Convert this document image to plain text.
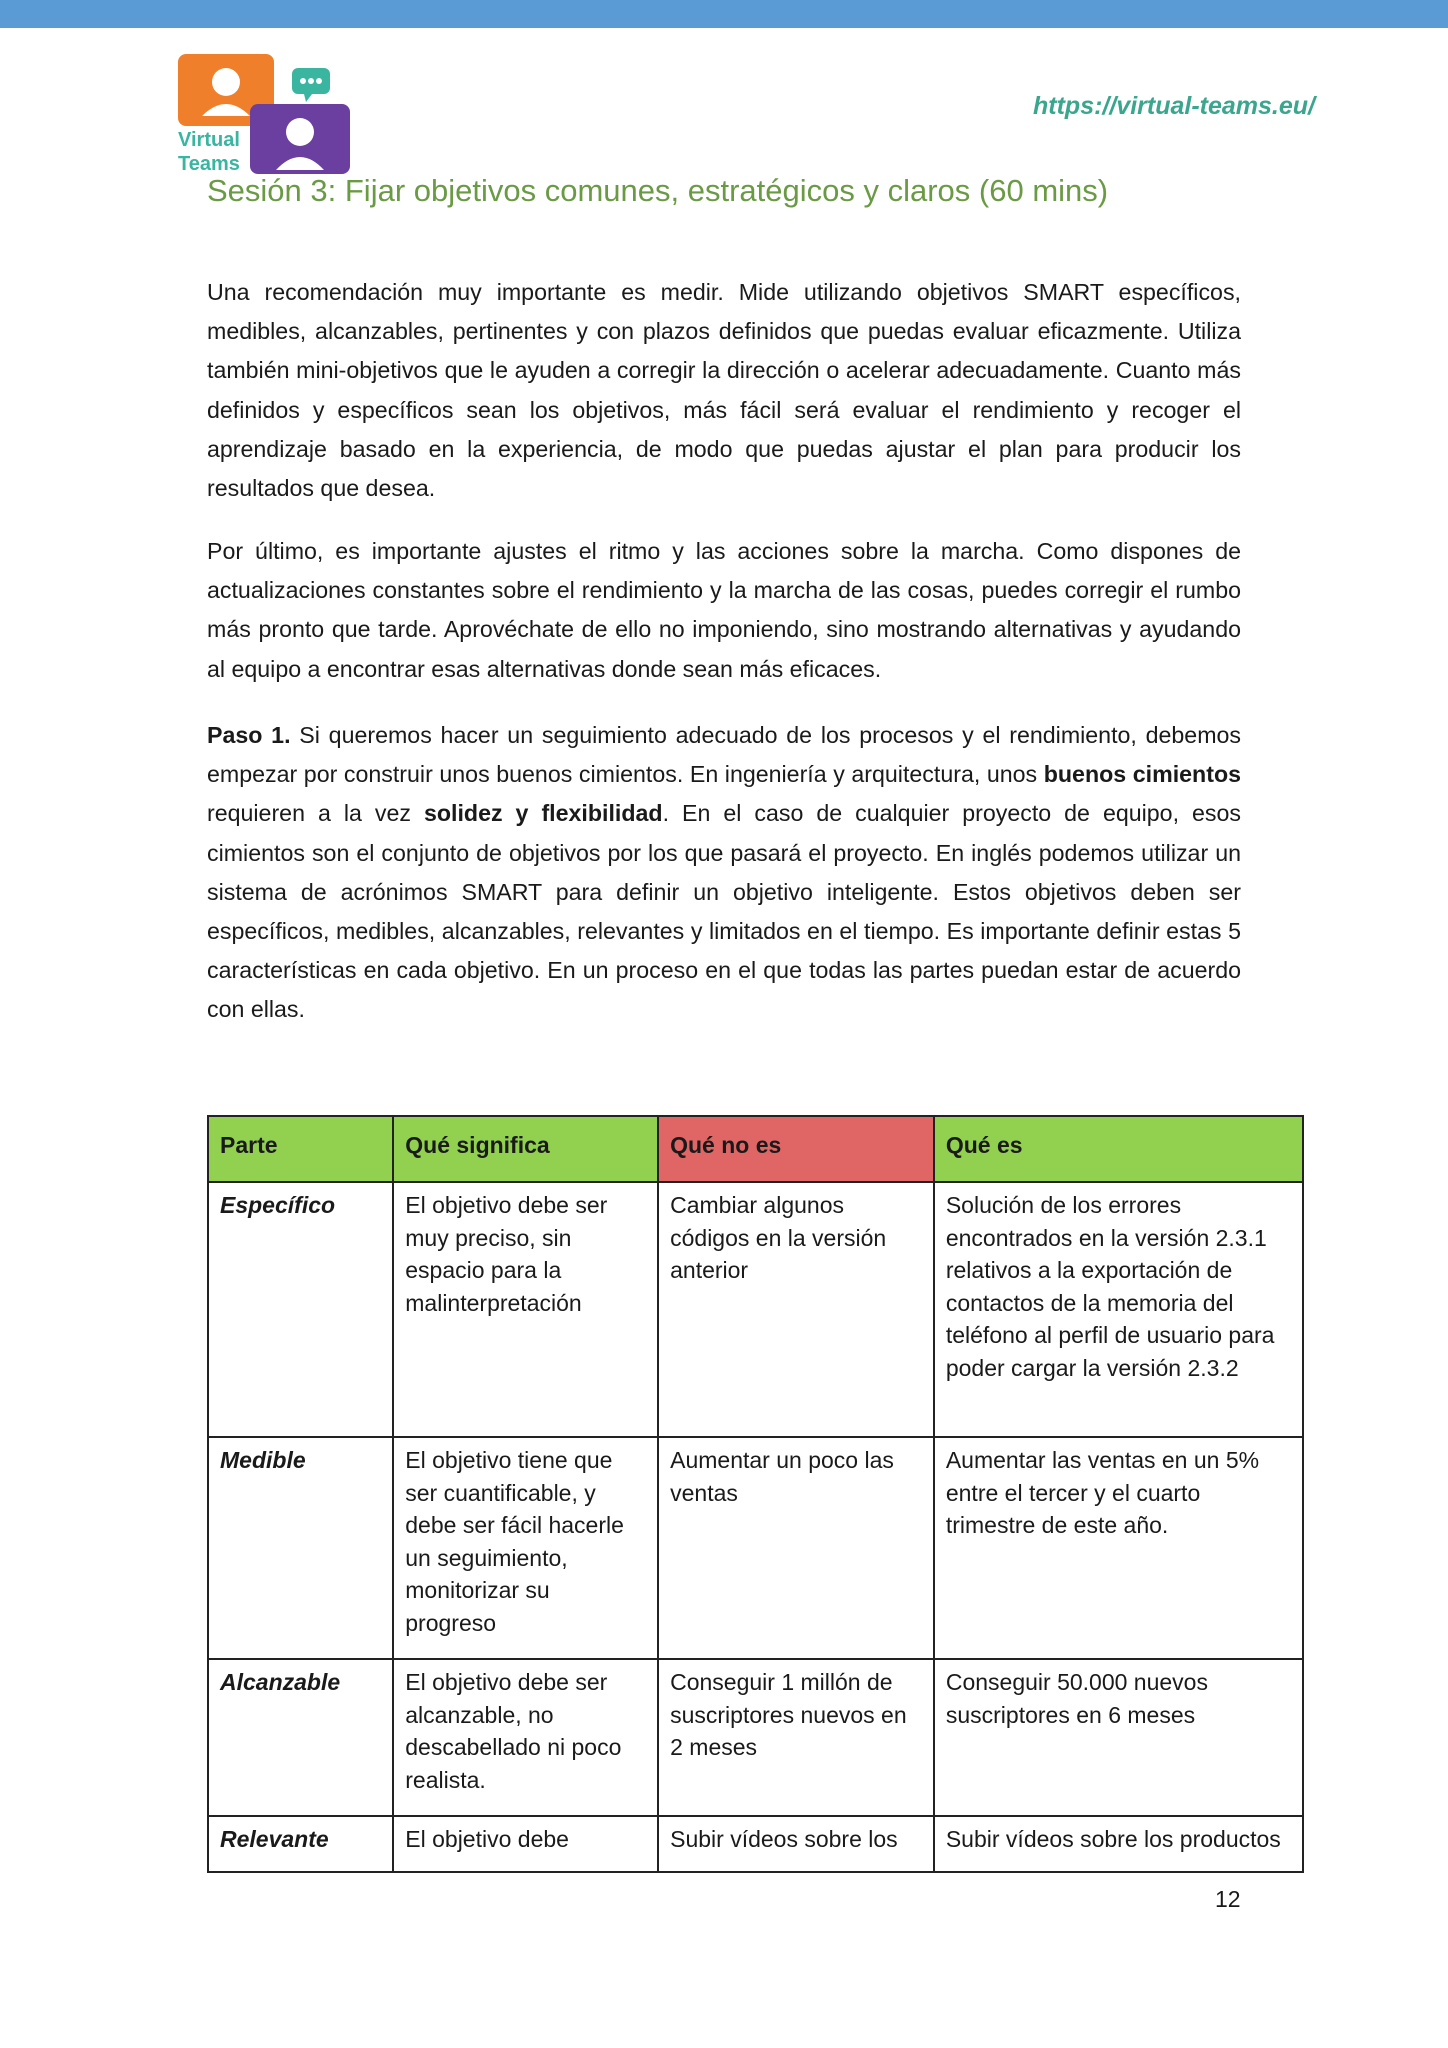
Virtual
Teams
https://virtual-teams.eu/
Sesión 3: Fijar objetivos comunes, estratégicos y claros (60 mins)

Una recomendación muy importante es medir. Mide utilizando objetivos SMART específicos, medibles, alcanzables, pertinentes y con plazos definidos que puedas evaluar eficazmente. Utiliza también mini-objetivos que le ayuden a corregir la dirección o acelerar adecuadamente. Cuanto más definidos y específicos sean los objetivos, más fácil será evaluar el rendimiento y recoger el aprendizaje basado en la experiencia, de modo que puedas ajustar el plan para producir los resultados que desea.

Por último, es importante ajustes el ritmo y las acciones sobre la marcha. Como dispones de actualizaciones constantes sobre el rendimiento y la marcha de las cosas, puedes corregir el rumbo más pronto que tarde. Aprovéchate de ello no imponiendo, sino mostrando alternativas y ayudando al equipo a encontrar esas alternativas donde sean más eficaces.

Paso 1. Si queremos hacer un seguimiento adecuado de los procesos y el rendimiento, debemos empezar por construir unos buenos cimientos. En ingeniería y arquitectura, unos buenos cimientos requieren a la vez solidez y flexibilidad. En el caso de cualquier proyecto de equipo, esos cimientos son el conjunto de objetivos por los que pasará el proyecto. En inglés podemos utilizar un sistema de acrónimos SMART para definir un objetivo inteligente. Estos objetivos deben ser específicos, medibles, alcanzables, relevantes y limitados en el tiempo. Es importante definir estas 5 características en cada objetivo. En un proceso en el que todas las partes puedan estar de acuerdo con ellas.

Parte	Qué significa	Qué no es	Qué es
Específico	El objetivo debe ser muy preciso, sin espacio para la malinterpretación	Cambiar algunos códigos en la versión anterior	Solución de los errores encontrados en la versión 2.3.1 relativos a la exportación de contactos de la memoria del teléfono al perfil de usuario para poder cargar la versión 2.3.2
Medible	El objetivo tiene que ser cuantificable, y debe ser fácil hacerle un seguimiento, monitorizar su progreso	Aumentar un poco las ventas	Aumentar las ventas en un 5% entre el tercer y el cuarto trimestre de este año.
Alcanzable	El objetivo debe ser alcanzable, no descabellado ni poco realista.	Conseguir 1 millón de suscriptores nuevos en 2 meses	Conseguir 50.000 nuevos suscriptores en 6 meses
Relevante	El objetivo debe	Subir vídeos sobre los	Subir vídeos sobre los productos
12
